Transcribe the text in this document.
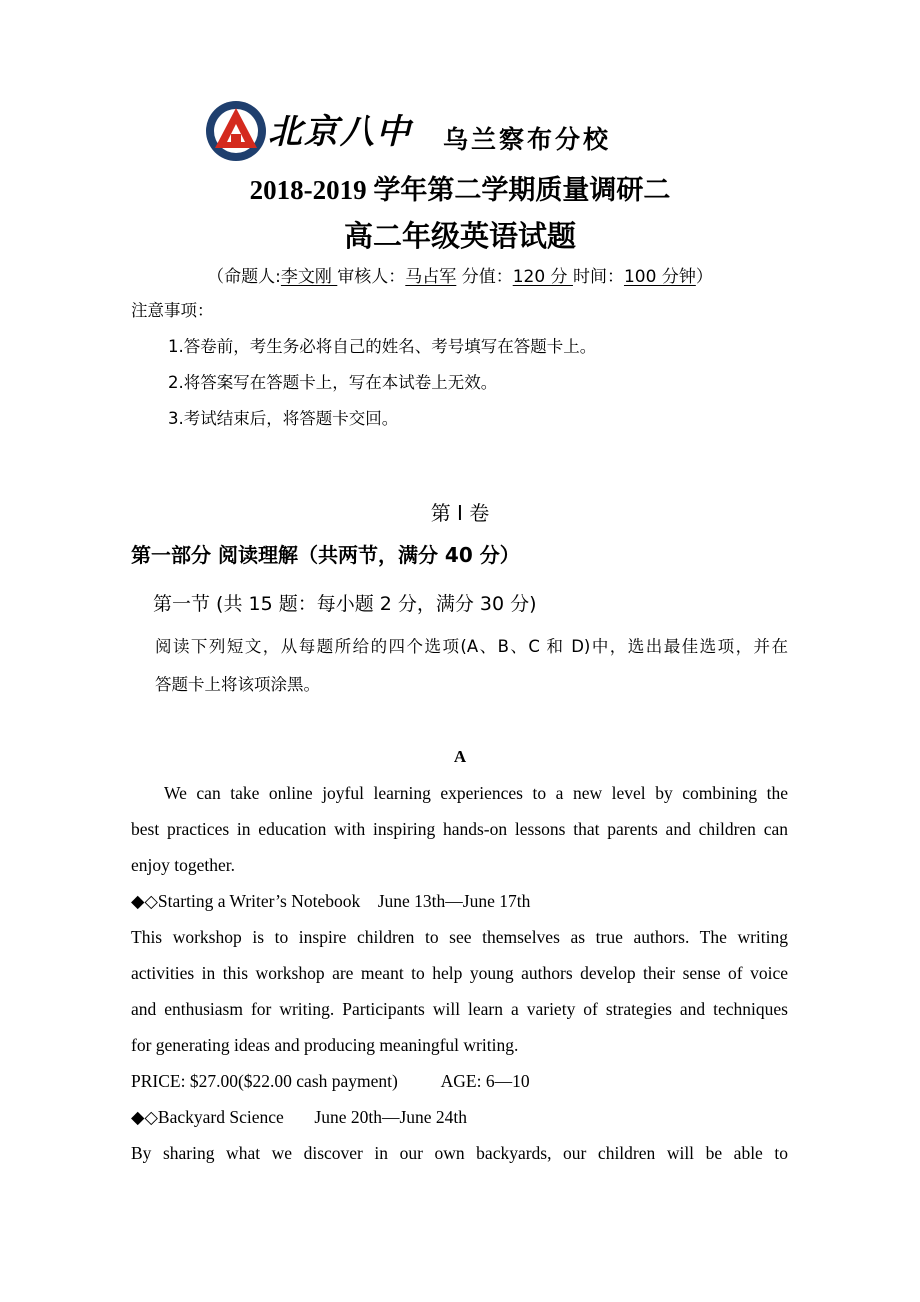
北京八中 乌兰察布分校
2018-2019 学年第二学期质量调研二
高二年级英语试题
（命题人:李文刚 审核人：马占军 分值：120 分 时间：100 分钟）
注意事项：
1.答卷前，考生务必将自己的姓名、考号填写在答题卡上。
2.将答案写在答题卡上，写在本试卷上无效。
3.考试结束后，将答题卡交回。
第 I 卷
第一部分 阅读理解（共两节，满分 40 分）
第一节 (共 15 题：每小题 2 分，满分 30 分)
阅读下列短文，从每题所给的四个选项(A、B、C 和 D)中，选出最佳选项，并在
答题卡上将该项涂黑。
A
We can take online joyful learning experiences to a new level by combining the
best practices in education with inspiring hands-on lessons that parents and children can
enjoy together.
◆◇Starting a Writer’s Notebook    June 13th—June 17th
This workshop is to inspire children to see themselves as true authors. The writing
activities in this workshop are meant to help young authors develop their sense of voice
and enthusiasm for writing. Participants will learn a variety of strategies and techniques
for generating ideas and producing meaningful writing.
PRICE: $27.00($22.00 cash payment)          AGE: 6—10
◆◇Backyard Science       June 20th—June 24th
By sharing what we discover in our own backyards, our children will be able to
